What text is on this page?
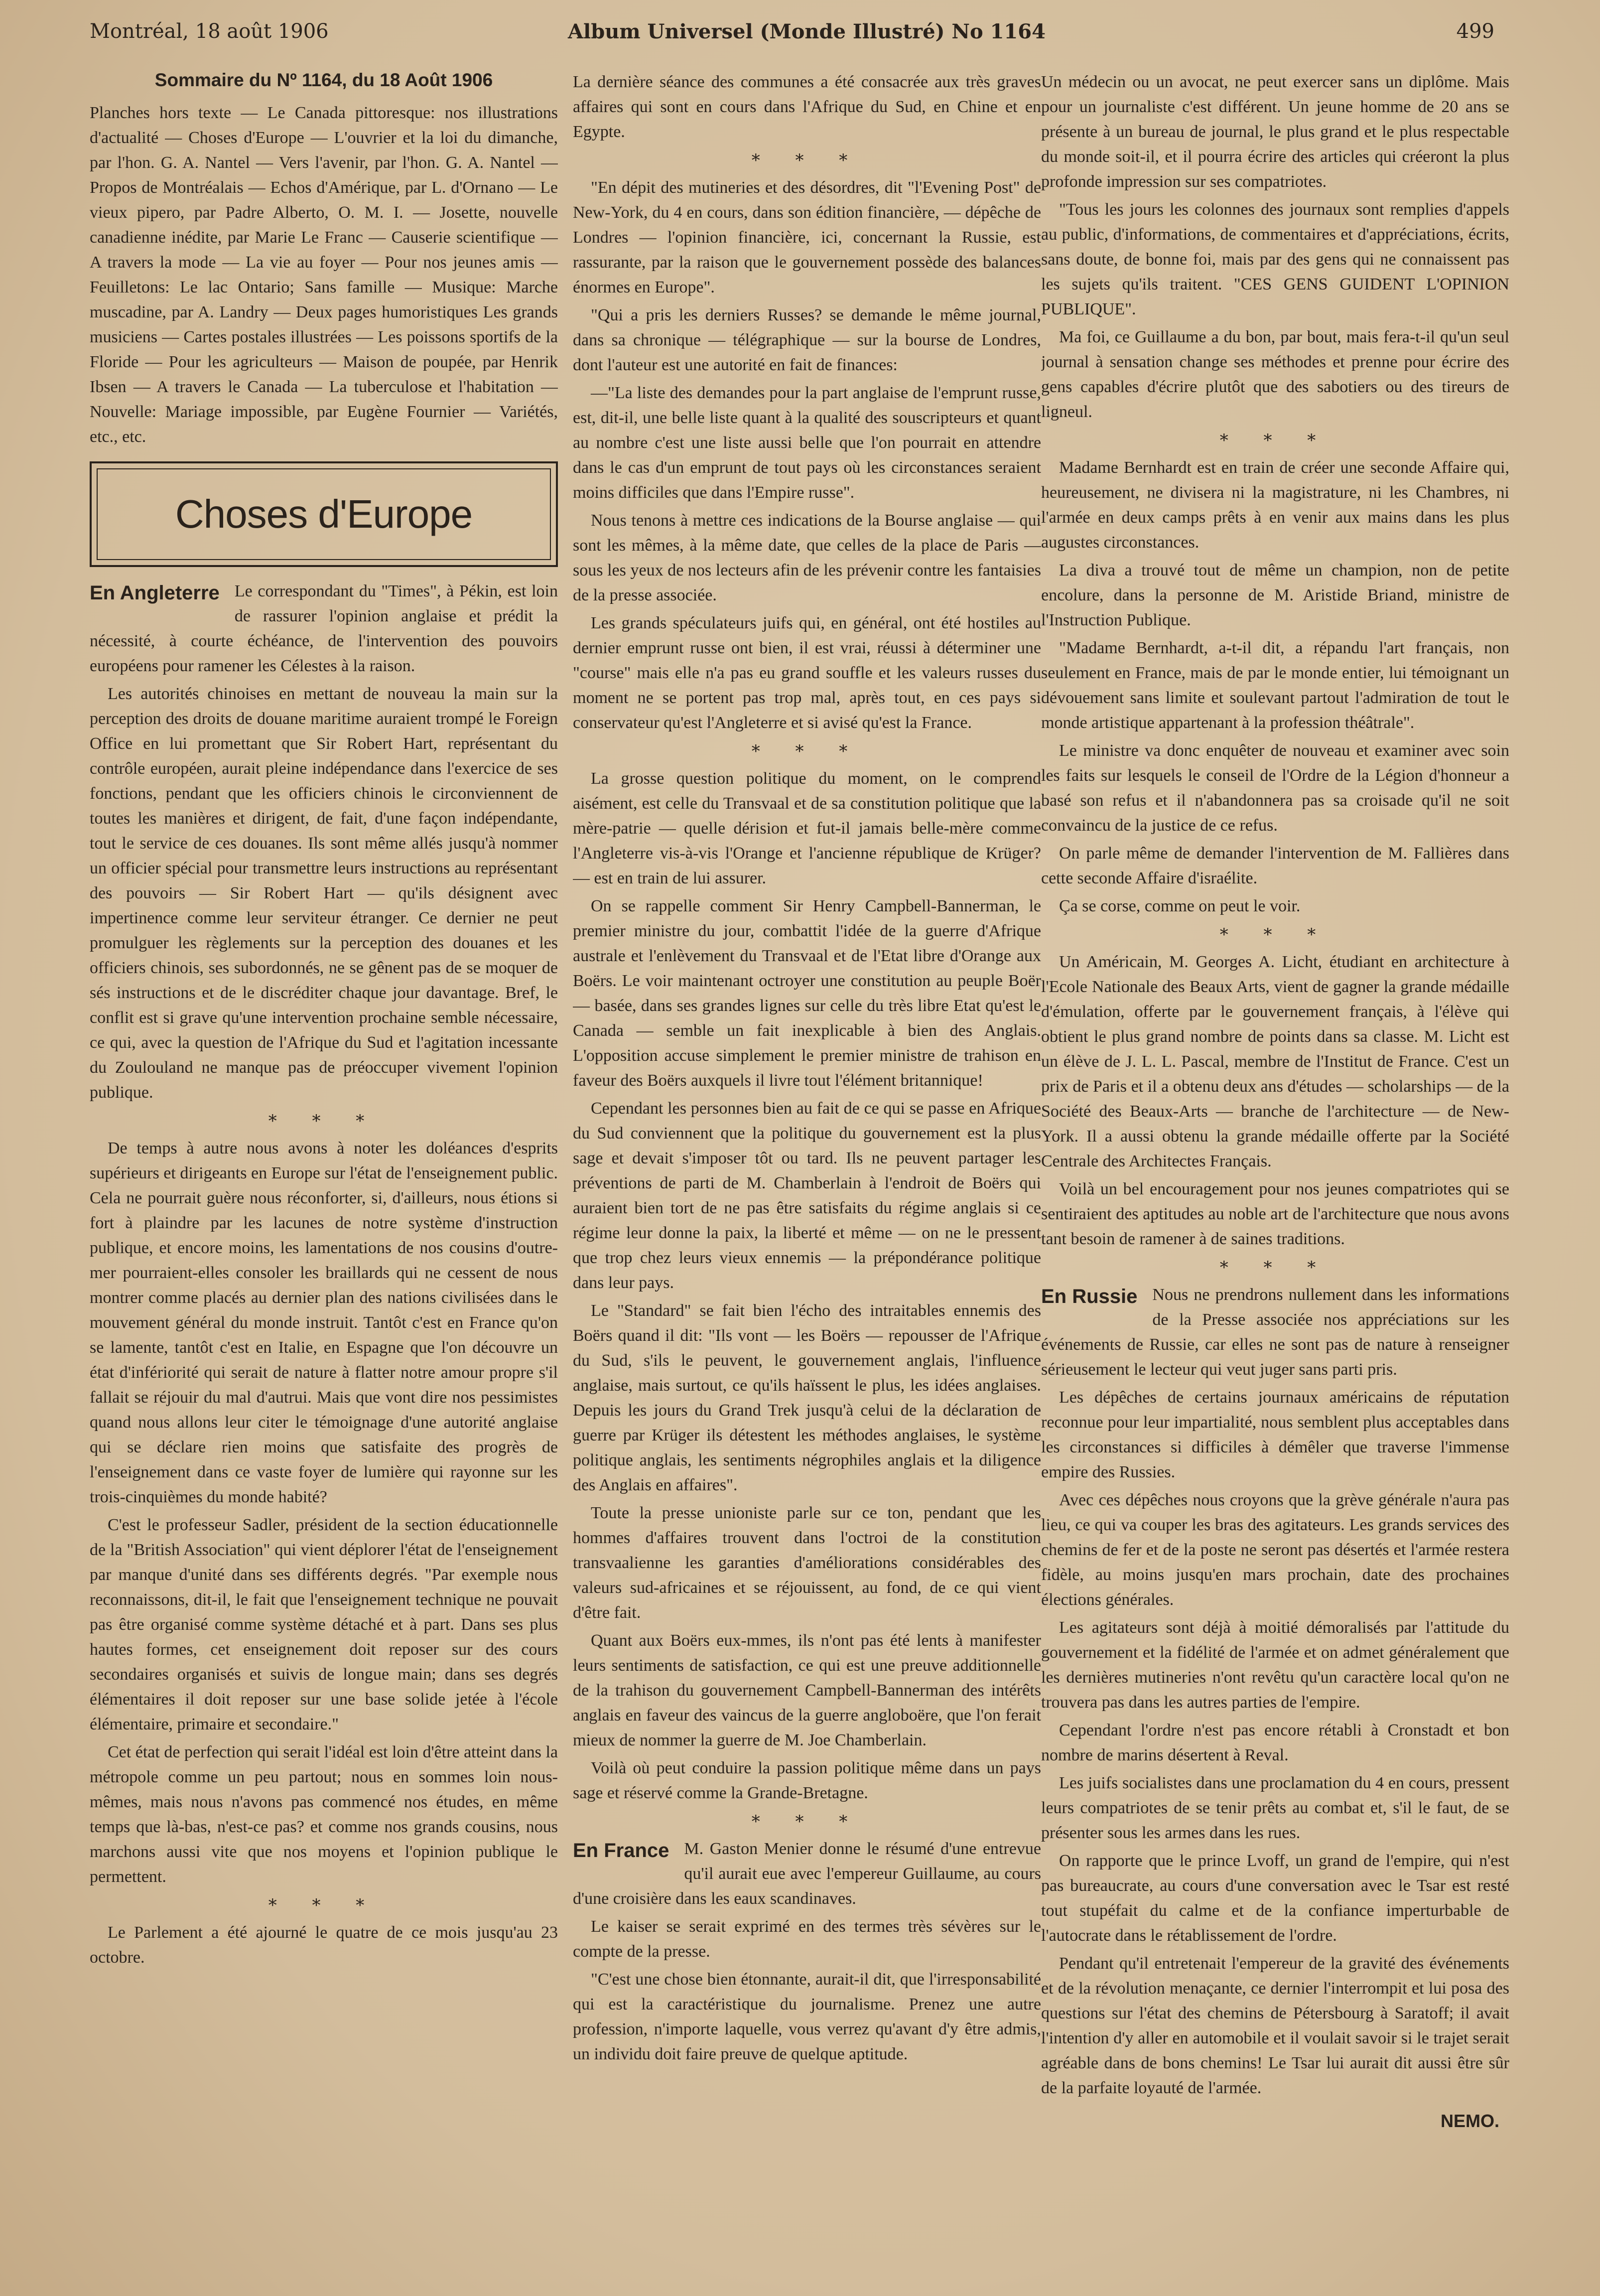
Montréal, 18 août 1906	Album Universel (Monde Illustré) No 1164	499
Sommaire du Nº 1164, du 18 Août 1906
Planches hors texte — Le Canada pittoresque: nos illustrations d'actualité — Choses d'Europe — L'ouvrier et la loi du dimanche, par l'hon. G. A. Nantel — Vers l'avenir, par l'hon. G. A. Nantel — Propos de Montréalais — Echos d'Amérique, par L. d'Ornano — Le vieux pipero, par Padre Alberto, O. M. I. — Josette, nouvelle canadienne inédite, par Marie Le Franc — Causerie scientifique — A travers la mode — La vie au foyer — Pour nos jeunes amis — Feuilletons: Le lac Ontario; Sans famille — Musique: Marche muscadine, par A. Landry — Deux pages humoristiques Les grands musiciens — Cartes postales illustrées — Les poissons sportifs de la Floride — Pour les agriculteurs — Maison de poupée, par Henrik Ibsen — A travers le Canada — La tuberculose et l'habitation — Nouvelle: Mariage impossible, par Eugène Fournier — Variétés, etc., etc.
Choses d'Europe
En Angleterre Le correspondant du "Times", à Pékin, est loin de rassurer l'opinion anglaise et prédit la nécessité, à courte échéance, de l'intervention des pouvoirs européens pour ramener les Célestes à la raison.

Les autorités chinoises en mettant de nouveau la main sur la perception des droits de douane maritime auraient trompé le Foreign Office en lui promettant que Sir Robert Hart, représentant du contrôle européen, aurait pleine indépendance dans l'exercice de ses fonctions, pendant que les officiers chinois le circonviennent de toutes les manières et dirigent, de fait, d'une façon indépendante, tout le service de ces douanes. Ils sont même allés jusqu'à nommer un officier spécial pour transmettre leurs instructions au représentant des pouvoirs — Sir Robert Hart — qu'ils désignent avec impertinence comme leur serviteur étranger. Ce dernier ne peut promulguer les règlements sur la perception des douanes et les officiers chinois, ses subordonnés, ne se gênent pas de se moquer de sés instructions et de le discréditer chaque jour davantage. Bref, le conflit est si grave qu'une intervention prochaine semble nécessaire, ce qui, avec la question de l'Afrique du Sud et l'agitation incessante du Zoulouland ne manque pas de préoccuper vivement l'opinion publique.

* * *

De temps à autre nous avons à noter les doléances d'esprits supérieurs et dirigeants en Europe sur l'état de l'enseignement public. Cela ne pourrait guère nous réconforter, si, d'ailleurs, nous étions si fort à plaindre par les lacunes de notre système d'instruction publique, et encore moins, les lamentations de nos cousins d'outre-mer pourraient-elles consoler les braillards qui ne cessent de nous montrer comme placés au dernier plan des nations civilisées dans le mouvement général du monde instruit. Tantôt c'est en France qu'on se lamente, tantôt c'est en Italie, en Espagne que l'on découvre un état d'infériorité qui serait de nature à flatter notre amour propre s'il fallait se réjouir du mal d'autrui. Mais que vont dire nos pessimistes quand nous allons leur citer le témoignage d'une autorité anglaise qui se déclare rien moins que satisfaite des progrès de l'enseignement dans ce vaste foyer de lumière qui rayonne sur les trois-cinquièmes du monde habité?

C'est le professeur Sadler, président de la section éducationnelle de la "British Association" qui vient déplorer l'état de l'enseignement par manque d'unité dans ses différents degrés. "Par exemple nous reconnaissons, dit-il, le fait que l'enseignement technique ne pouvait pas être organisé comme système détaché et à part. Dans ses plus hautes formes, cet enseignement doit reposer sur des cours secondaires organisés et suivis de longue main; dans ses degrés élémentaires il doit reposer sur une base solide jetée à l'école élémentaire, primaire et secondaire."

Cet état de perfection qui serait l'idéal est loin d'être atteint dans la métropole comme un peu partout; nous en sommes loin nous-mêmes, mais nous n'avons pas commencé nos études, en même temps que là-bas, n'est-ce pas? et comme nos grands cousins, nous marchons aussi vite que nos moyens et l'opinion publique le permettent.

* * *

Le Parlement a été ajourné le quatre de ce mois jusqu'au 23 octobre.

La dernière séance des communes a été consacrée aux très graves affaires qui sont en cours dans l'Afrique du Sud, en Chine et en Egypte.

* * *

"En dépit des mutineries et des désordres, dit "l'Evening Post" de New-York, du 4 en cours, dans son édition financière, — dépêche de Londres — l'opinion financière, ici, concernant la Russie, est rassurante, par la raison que le gouvernement possède des balances énormes en Europe".

"Qui a pris les derniers Russes? se demande le même journal, dans sa chronique — télégraphique — sur la bourse de Londres, dont l'auteur est une autorité en fait de finances:

—"La liste des demandes pour la part anglaise de l'emprunt russe, est, dit-il, une belle liste quant à la qualité des souscripteurs et quant au nombre c'est une liste aussi belle que l'on pourrait en attendre dans le cas d'un emprunt de tout pays où les circonstances seraient moins difficiles que dans l'Empire russe".

Nous tenons à mettre ces indications de la Bourse anglaise — qui sont les mêmes, à la même date, que celles de la place de Paris — sous les yeux de nos lecteurs afin de les prévenir contre les fantaisies de la presse associée.

Les grands spéculateurs juifs qui, en général, ont été hostiles au dernier emprunt russe ont bien, il est vrai, réussi à déterminer une "course" mais elle n'a pas eu grand souffle et les valeurs russes du moment ne se portent pas trop mal, après tout, en ces pays si conservateur qu'est l'Angleterre et si avisé qu'est la France.

* * *

La grosse question politique du moment, on le comprend aisément, est celle du Transvaal et de sa constitution politique que la mère-patrie — quelle dérision et fut-il jamais belle-mère comme l'Angleterre vis-à-vis l'Orange et l'ancienne république de Krüger? — est en train de lui assurer.

On se rappelle comment Sir Henry Campbell-Bannerman, le premier ministre du jour, combattit l'idée de la guerre d'Afrique australe et l'enlèvement du Transvaal et de l'Etat libre d'Orange aux Boërs. Le voir maintenant octroyer une constitution au peuple Boër — basée, dans ses grandes lignes sur celle du très libre Etat qu'est le Canada — semble un fait inexplicable à bien des Anglais. L'opposition accuse simplement le premier ministre de trahison en faveur des Boërs auxquels il livre tout l'élément britannique!

Cependant les personnes bien au fait de ce qui se passe en Afrique du Sud conviennent que la politique du gouvernement est la plus sage et devait s'imposer tôt ou tard. Ils ne peuvent partager les préventions de parti de M. Chamberlain à l'endroit de Boërs qui auraient bien tort de ne pas être satisfaits du régime anglais si ce régime leur donne la paix, la liberté et même — on ne le pressent que trop chez leurs vieux ennemis — la prépondérance politique dans leur pays.

Le "Standard" se fait bien l'écho des intraitables ennemis des Boërs quand il dit: "Ils vont — les Boërs — repousser de l'Afrique du Sud, s'ils le peuvent, le gouvernement anglais, l'influence anglaise, mais surtout, ce qu'ils haïssent le plus, les idées anglaises. Depuis les jours du Grand Trek jusqu'à celui de la déclaration de guerre par Krüger ils détestent les méthodes anglaises, le système politique anglais, les sentiments négrophiles anglais et la diligence des Anglais en affaires".

Toute la presse unioniste parle sur ce ton, pendant que les hommes d'affaires trouvent dans l'octroi de la constitution transvaalienne les garanties d'améliorations considérables des valeurs sud-africaines et se réjouissent, au fond, de ce qui vient d'être fait.

Quant aux Boërs eux-mmes, ils n'ont pas été lents à manifester leurs sentiments de satisfaction, ce qui est une preuve additionnelle de la trahison du gouvernement Campbell-Bannerman des intérêts anglais en faveur des vaincus de la guerre angloboëre, que l'on ferait mieux de nommer la guerre de M. Joe Chamberlain.

Voilà où peut conduire la passion politique même dans un pays sage et réservé comme la Grande-Bretagne.

* * *
En France M. Gaston Menier donne le résumé d'une entrevue qu'il aurait eue avec l'empereur Guillaume, au cours d'une croisière dans les eaux scandinaves.

Le kaiser se serait exprimé en des termes très sévères sur le compte de la presse.

"C'est une chose bien étonnante, aurait-il dit, que l'irresponsabilité qui est la caractéristique du journalisme. Prenez une autre profession, n'importe laquelle, vous verrez qu'avant d'y être admis, un individu doit faire preuve de quelque aptitude.

Un médecin ou un avocat, ne peut exercer sans un diplôme. Mais pour un journaliste c'est différent. Un jeune homme de 20 ans se présente à un bureau de journal, le plus grand et le plus respectable du monde soit-il, et il pourra écrire des articles qui créeront la plus profonde impression sur ses compatriotes.

"Tous les jours les colonnes des journaux sont remplies d'appels au public, d'informations, de commentaires et d'appréciations, écrits, sans doute, de bonne foi, mais par des gens qui ne connaissent pas les sujets qu'ils traitent. "CES GENS GUIDENT L'OPINION PUBLIQUE".

Ma foi, ce Guillaume a du bon, par bout, mais fera-t-il qu'un seul journal à sensation change ses méthodes et prenne pour écrire des gens capables d'écrire plutôt que des sabotiers ou des tireurs de ligneul.

* * *

Madame Bernhardt est en train de créer une seconde Affaire qui, heureusement, ne divisera ni la magistrature, ni les Chambres, ni l'armée en deux camps prêts à en venir aux mains dans les plus augustes circonstances.

La diva a trouvé tout de même un champion, non de petite encolure, dans la personne de M. Aristide Briand, ministre de l'Instruction Publique.

"Madame Bernhardt, a-t-il dit, a répandu l'art français, non seulement en France, mais de par le monde entier, lui témoignant un dévouement sans limite et soulevant partout l'admiration de tout le monde artistique appartenant à la profession théâtrale".

Le ministre va donc enquêter de nouveau et examiner avec soin les faits sur lesquels le conseil de l'Ordre de la Légion d'honneur a basé son refus et il n'abandonnera pas sa croisade qu'il ne soit convaincu de la justice de ce refus.

On parle même de demander l'intervention de M. Fallières dans cette seconde Affaire d'israélite.

Ça se corse, comme on peut le voir.

* * *

Un Américain, M. Georges A. Licht, étudiant en architecture à l'Ecole Nationale des Beaux Arts, vient de gagner la grande médaille d'émulation, offerte par le gouvernement français, à l'élève qui obtient le plus grand nombre de points dans sa classe. M. Licht est un élève de J. L. L. Pascal, membre de l'Institut de France. C'est un prix de Paris et il a obtenu deux ans d'études — scholarships — de la Société des Beaux-Arts — branche de l'architecture — de New-York. Il a aussi obtenu la grande médaille offerte par la Société Centrale des Architectes Français.

Voilà un bel encouragement pour nos jeunes compatriotes qui se sentiraient des aptitudes au noble art de l'architecture que nous avons tant besoin de ramener à de saines traditions.

* * *
En Russie Nous ne prendrons nullement dans les informations de la Presse associée nos appréciations sur les événements de Russie, car elles ne sont pas de nature à renseigner sérieusement le lecteur qui veut juger sans parti pris.

Les dépêches de certains journaux américains de réputation reconnue pour leur impartialité, nous semblent plus acceptables dans les circonstances si difficiles à démêler que traverse l'immense empire des Russies.

Avec ces dépêches nous croyons que la grève générale n'aura pas lieu, ce qui va couper les bras des agitateurs. Les grands services des chemins de fer et de la poste ne seront pas désertés et l'armée restera fidèle, au moins jusqu'en mars prochain, date des prochaines élections générales.

Les agitateurs sont déjà à moitié démoralisés par l'attitude du gouvernement et la fidélité de l'armée et on admet généralement que les dernières mutineries n'ont revêtu qu'un caractère local qu'on ne trouvera pas dans les autres parties de l'empire.

Cependant l'ordre n'est pas encore rétabli à Cronstadt et bon nombre de marins désertent à Reval.

Les juifs socialistes dans une proclamation du 4 en cours, pressent leurs compatriotes de se tenir prêts au combat et, s'il le faut, de se présenter sous les armes dans les rues.

On rapporte que le prince Lvoff, un grand de l'empire, qui n'est pas bureaucrate, au cours d'une conversation avec le Tsar est resté tout stupéfait du calme et de la confiance imperturbable de l'autocrate dans le rétablissement de l'ordre.

Pendant qu'il entretenait l'empereur de la gravité des événements et de la révolution menaçante, ce dernier l'interrompit et lui posa des questions sur l'état des chemins de Pétersbourg à Saratoff; il avait l'intention d'y aller en automobile et il voulait savoir si le trajet serait agréable dans de bons chemins! Le Tsar lui aurait dit aussi être sûr de la parfaite loyauté de l'armée.

NEMO.
